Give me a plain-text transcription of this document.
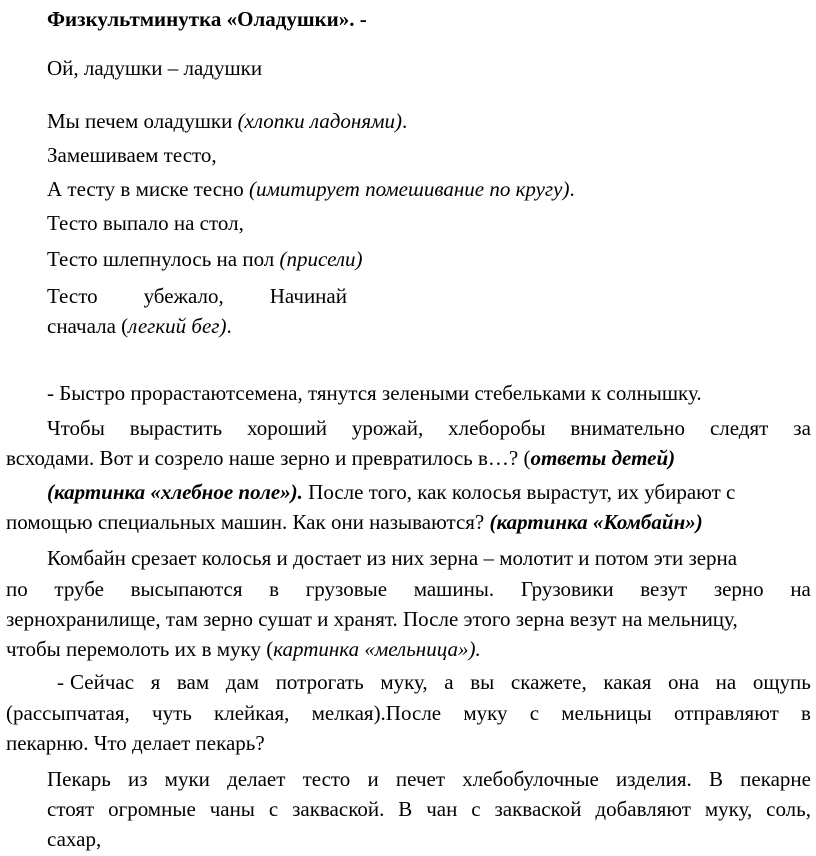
Физкультминутка «Оладушки». -

Ой, ладушки – ладушки

Мы печем оладушки (хлопки ладонями).

Замешиваем тесто,

А тесту в миске тесно (имитирует помешивание по кругу).

Тесто выпало на стол,

Тесто шлепнулось на пол (присели)

Тесто убежало, Начинай

сначала (легкий бег).

- Быстро прорастаютсемена, тянутся зелеными стебельками к солнышку.

Чтобы вырастить хороший урожай, хлеборобы внимательно следят за

всходами. Вот и созрело наше зерно и превратилось в…? (ответы детей)

(картинка «хлебное поле»). После того, как колосья вырастут, их убирают с

помощью специальных машин. Как они называются? (картинка «Комбайн»)

Комбайн срезает колосья и достает из них зерна – молотит и потом эти зерна

по трубе высыпаются в грузовые машины. Грузовики везут зерно на

зернохранилище, там зерно сушат и хранят. После этого зерна везут на мельницу,

чтобы перемолоть их в муку (картинка «мельница»).

- Сейчас я вам дам потрогать муку, а вы скажете, какая она на ощупь

(рассыпчатая, чуть клейкая, мелкая).После муку с мельницы отправляют в

пекарню. Что делает пекарь?

Пекарь из муки делает тесто и печет хлебобулочные изделия. В пекарне

стоят огромные чаны с закваской. В чан с закваской добавляют муку, соль,

сахар,
